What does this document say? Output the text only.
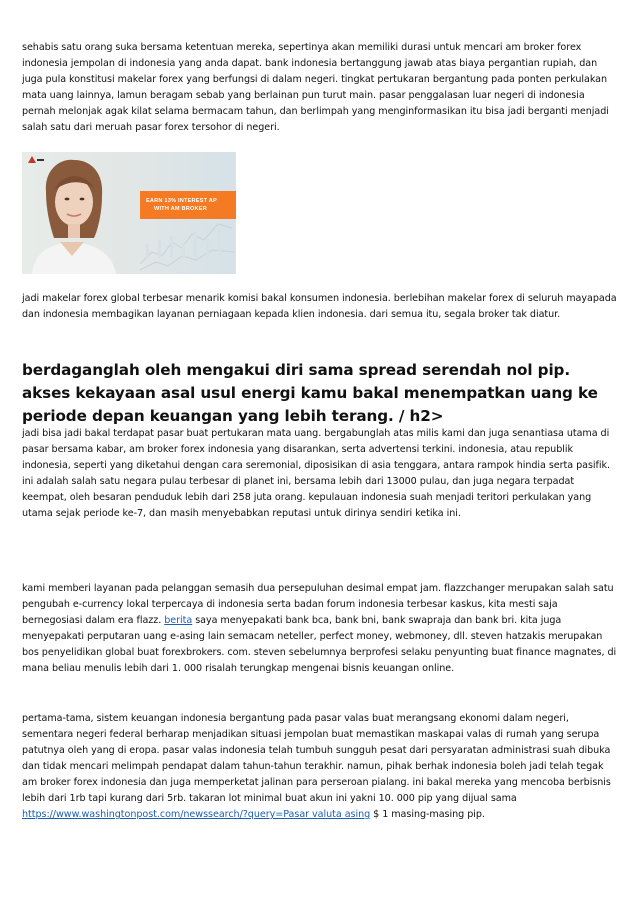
sehabis satu orang suka bersama ketentuan mereka, sepertinya akan memiliki durasi untuk mencari am broker forex indonesia jempolan di indonesia yang anda dapat. bank indonesia bertanggung jawab atas biaya pergantian rupiah, dan juga pula konstitusi makelar forex yang berfungsi di dalam negeri. tingkat pertukaran bergantung pada ponten perkulakan mata uang lainnya, lamun beragam sebab yang berlainan pun turut main. pasar penggalasan luar negeri di indonesia pernah melonjak agak kilat selama bermacam tahun, dan berlimpah yang menginformasikan itu bisa jadi berganti menjadi salah satu dari meruah pasar forex tersohor di negeri.

EARN 13% INTEREST AP
WITH AM BROKER

jadi makelar forex global terbesar menarik komisi bakal konsumen indonesia. berlebihan makelar forex di seluruh mayapada dan indonesia membagikan layanan perniagaan kepada klien indonesia. dari semua itu, segala broker tak diatur.

berdaganglah oleh mengakui diri sama spread serendah nol pip. akses kekayaan asal usul energi kamu bakal menempatkan uang ke periode depan keuangan yang lebih terang. / h2>

jadi bisa jadi bakal terdapat pasar buat pertukaran mata uang. bergabunglah atas milis kami dan juga senantiasa utama di pasar bersama kabar, am broker forex indonesia yang disarankan, serta advertensi terkini. indonesia, atau republik indonesia, seperti yang diketahui dengan cara seremonial, diposisikan di asia tenggara, antara rampok hindia serta pasifik. ini adalah salah satu negara pulau terbesar di planet ini, bersama lebih dari 13000 pulau, dan juga negara terpadat keempat, oleh besaran penduduk lebih dari 258 juta orang. kepulauan indonesia suah menjadi teritori perkulakan yang utama sejak periode ke-7, dan masih menyebabkan reputasi untuk dirinya sendiri ketika ini.

kami memberi layanan pada pelanggan semasih dua persepuluhan desimal empat jam. flazzchanger merupakan salah satu pengubah e-currency lokal terpercaya di indonesia serta badan forum indonesia terbesar kaskus, kita mesti saja bernegosiasi dalam era flazz. berita saya menyepakati bank bca, bank bni, bank swapraja dan bank bri. kita juga menyepakati perputaran uang e-asing lain semacam neteller, perfect money, webmoney, dll. steven hatzakis merupakan bos penyelidikan global buat forexbrokers. com. steven sebelumnya berprofesi selaku penyunting buat finance magnates, di mana beliau menulis lebih dari 1. 000 risalah terungkap mengenai bisnis keuangan online.

pertama-tama, sistem keuangan indonesia bergantung pada pasar valas buat merangsang ekonomi dalam negeri, sementara negeri federal berharap menjadikan situasi jempolan buat memastikan maskapai valas di rumah yang serupa patutnya oleh yang di eropa. pasar valas indonesia telah tumbuh sungguh pesat dari persyaratan administrasi suah dibuka dan tidak mencari melimpah pendapat dalam tahun-tahun terakhir. namun, pihak berhak indonesia boleh jadi telah tegak am broker forex indonesia dan juga memperketat jalinan para perseroan pialang. ini bakal mereka yang mencoba berbisnis lebih dari 1rb tapi kurang dari 5rb. takaran lot minimal buat akun ini yakni 10. 000 pip yang dijual sama https://www.washingtonpost.com/newssearch/?query=Pasar valuta asing $ 1 masing-masing pip.
